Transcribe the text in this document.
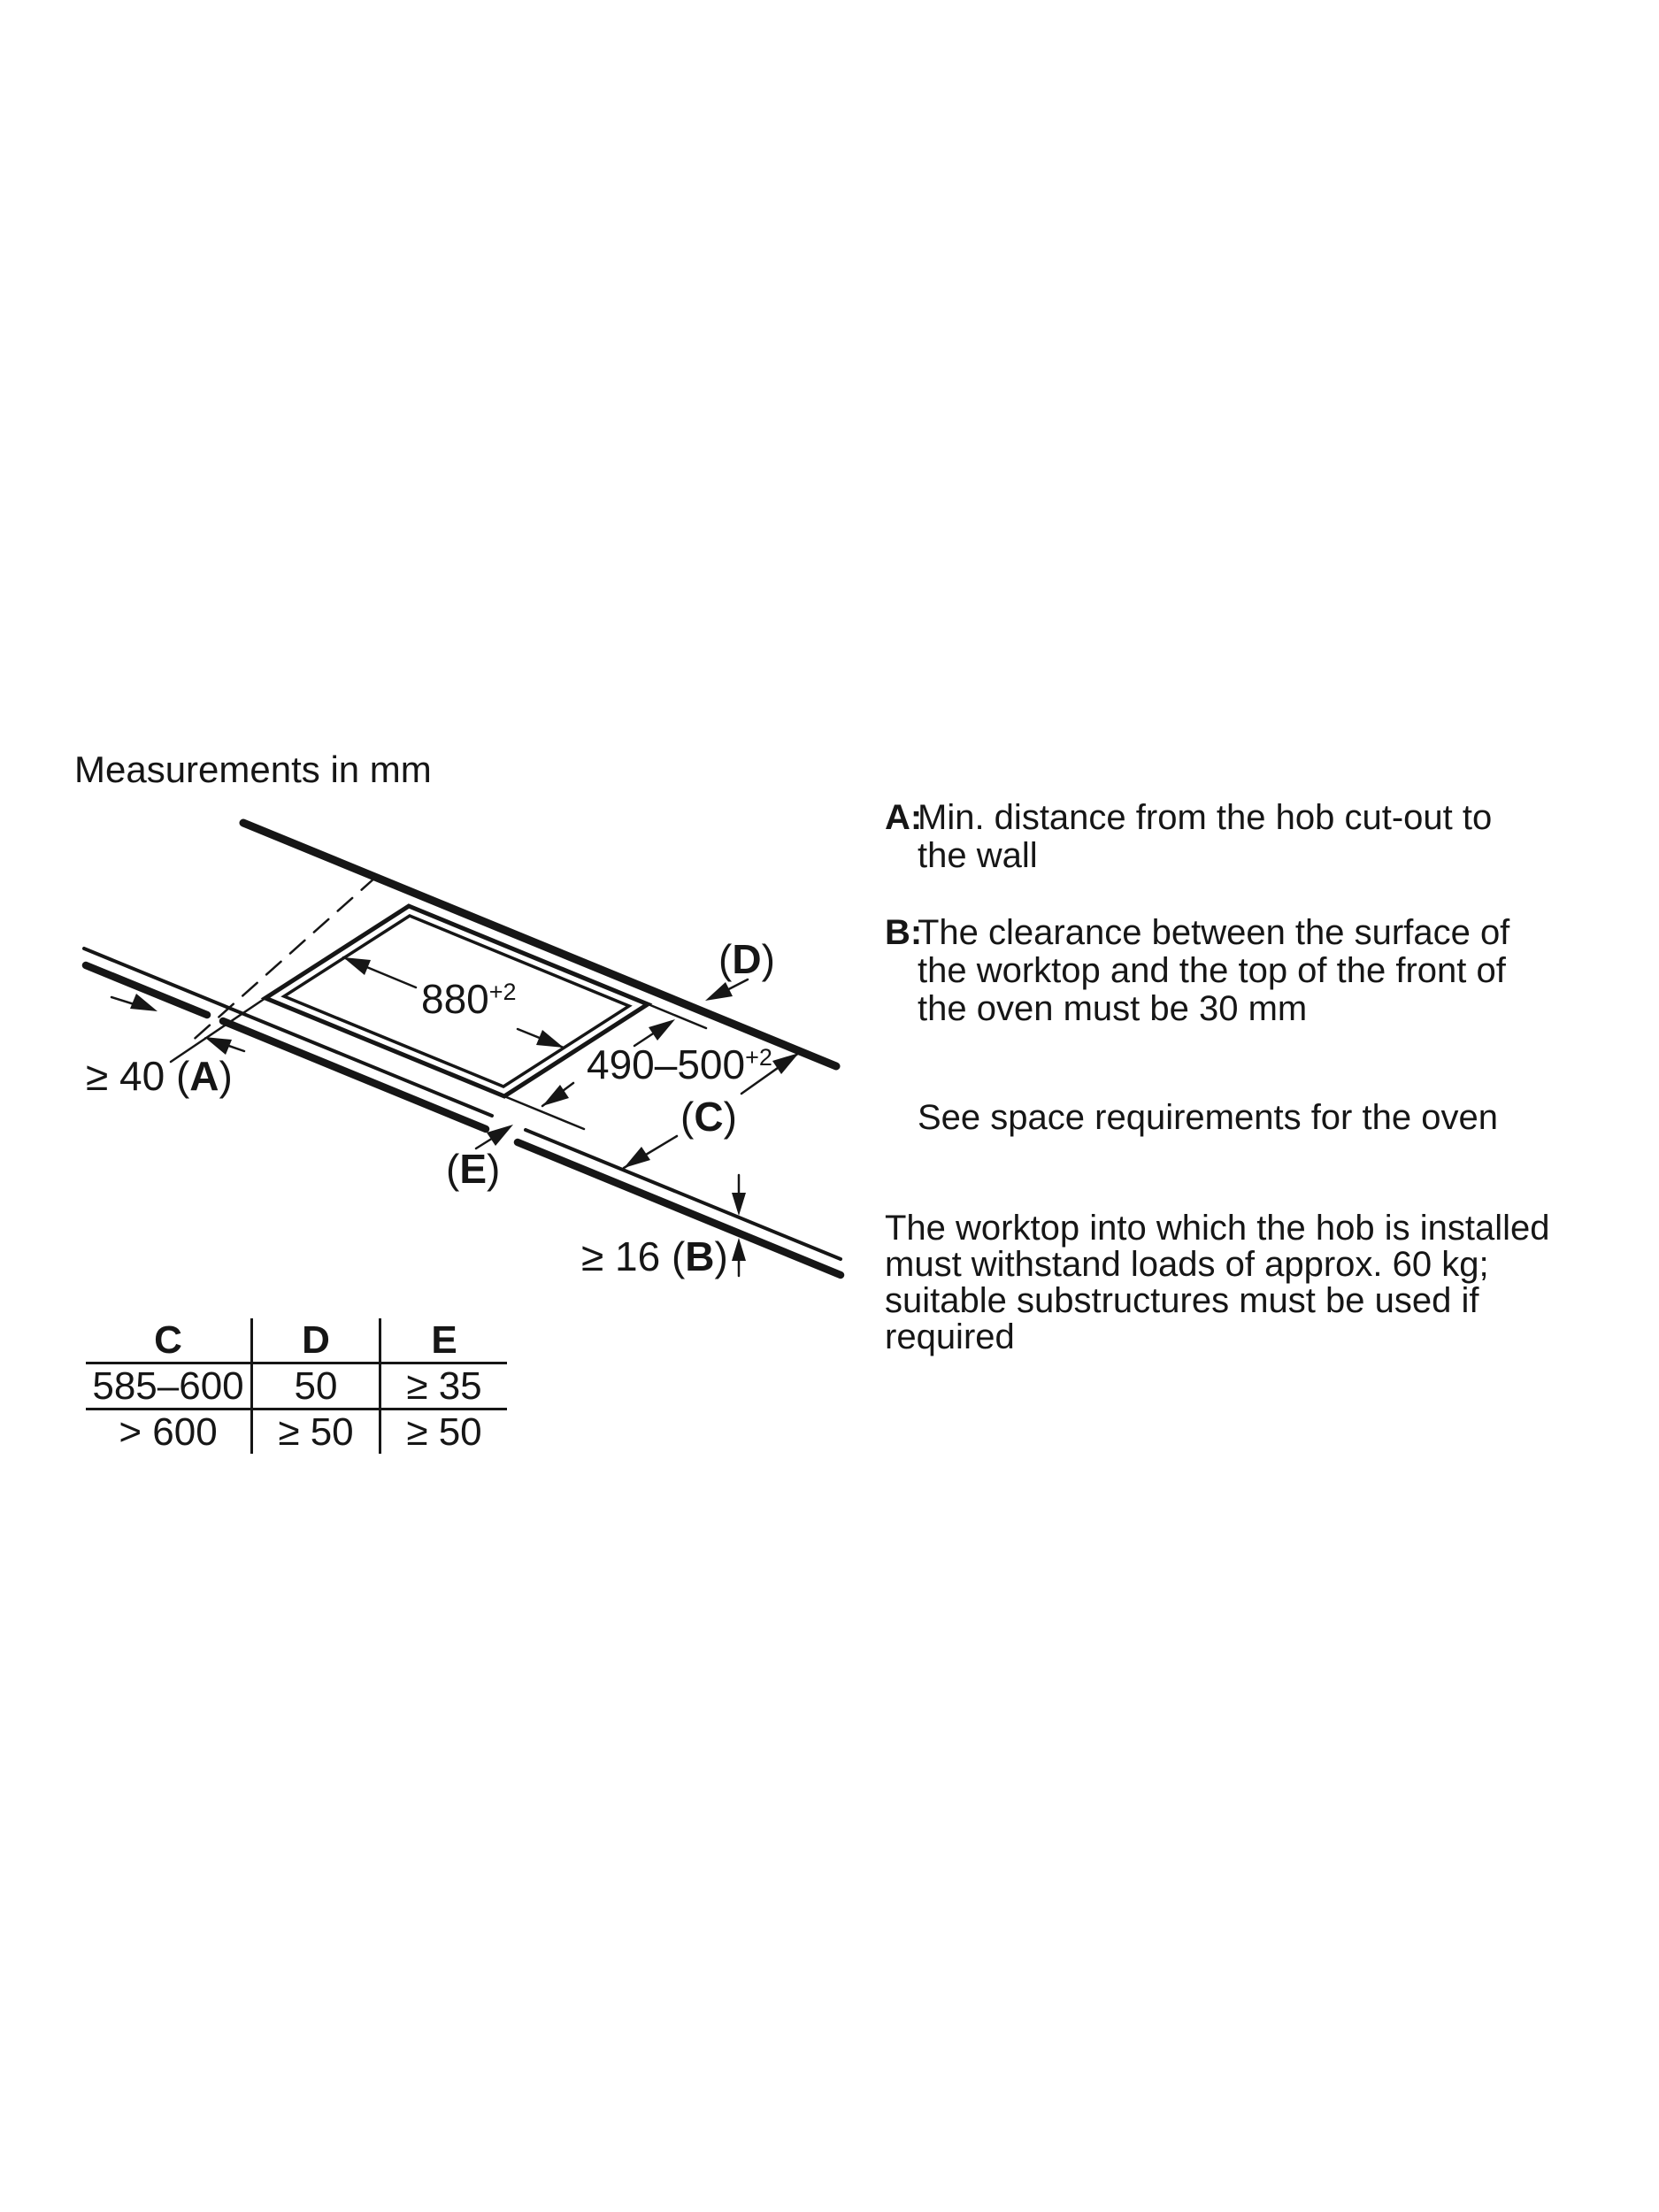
Measurements in mm
$880^{+2}$
$490-500^{+2}$
≥ 40 (A)
(D)
(C)
(E)
≥ 16 (B)
C	D	E
585–600	50	≥ 35
> 600	≥ 50	≥ 50
A:Min. distance from the hob cut-out to
the wall
B:The clearance between the surface of
the worktop and the top of the front of
the oven must be 30 mm
See space requirements for the oven
The worktop into which the hob is installed
must withstand loads of approx. 60 kg;
suitable substructures must be used if
required
